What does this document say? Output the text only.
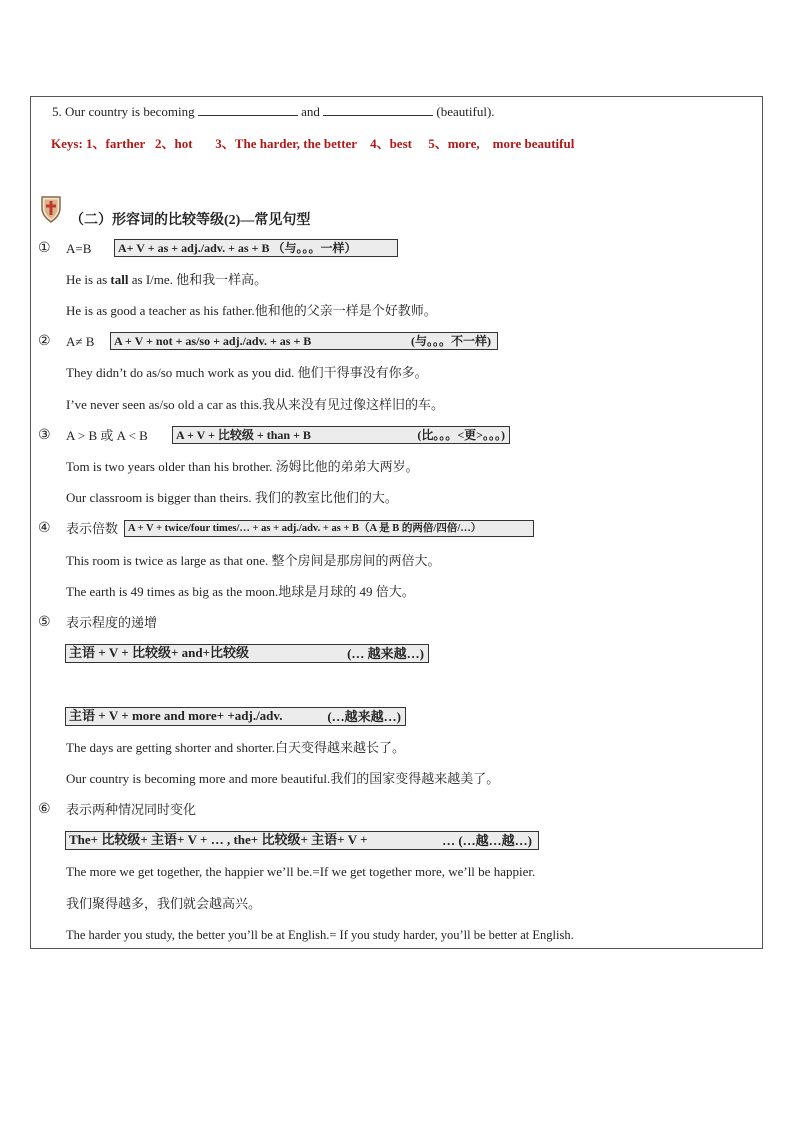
5. Our country is becoming	and	(beautiful).
Keys: 1、farther 2、hot 3、The harder, the better 4、best 5、more, more beautiful
（二）形容词的比较等级(2)—常见句型
① A=B	A+ V + as + adj./adv. + as + B （与。。。一样）
He is as tall as I/me. 他和我一样高。
He is as good a teacher as his father.他和他的父亲一样是个好教师。
② A≠ B	A + V + not + as/so + adj./adv. + as + B	(与。。。不一样)
They didn’t do as/so much work as you did. 他们干得事没有你多。
I’ve never seen as/so old a car as this.我从来没有见过像这样旧的车。
③ A > B 或 A < B	A + V + 比较级 + than + B	(比。。。<更>。。。)
Tom is two years older than his brother. 汤姆比他的弟弟大两岁。
Our classroom is bigger than theirs. 我们的教室比他们的大。
④ 表示倍数 A + V + twice/four times/… + as + adj./adv. + as + B（A 是 B 的两倍/四倍/…）
This room is twice as large as that one. 整个房间是那房间的两倍大。
The earth is 49 times as big as the moon.地球是月球的 49 倍大。
⑤ 表示程度的递增
主语 + V + 比较级+ and+比较级	(… 越来越…)
主语 + V + more and more+ +adj./adv.	(…越来越…)
The days are getting shorter and shorter.白天变得越来越长了。
Our country is becoming more and more beautiful.我们的国家变得越来越美了。
⑥ 表示两种情况同时变化
The+ 比较级+ 主语+ V + … , the+ 比较级+ 主语+ V +	… (…越…越…)
The more we get together, the happier we’ll be.=If we get together more, we’ll be happier.
我们聚得越多，我们就会越高兴。
The harder you study, the better you’ll be at English.= If you study harder, you’ll be better at English.
